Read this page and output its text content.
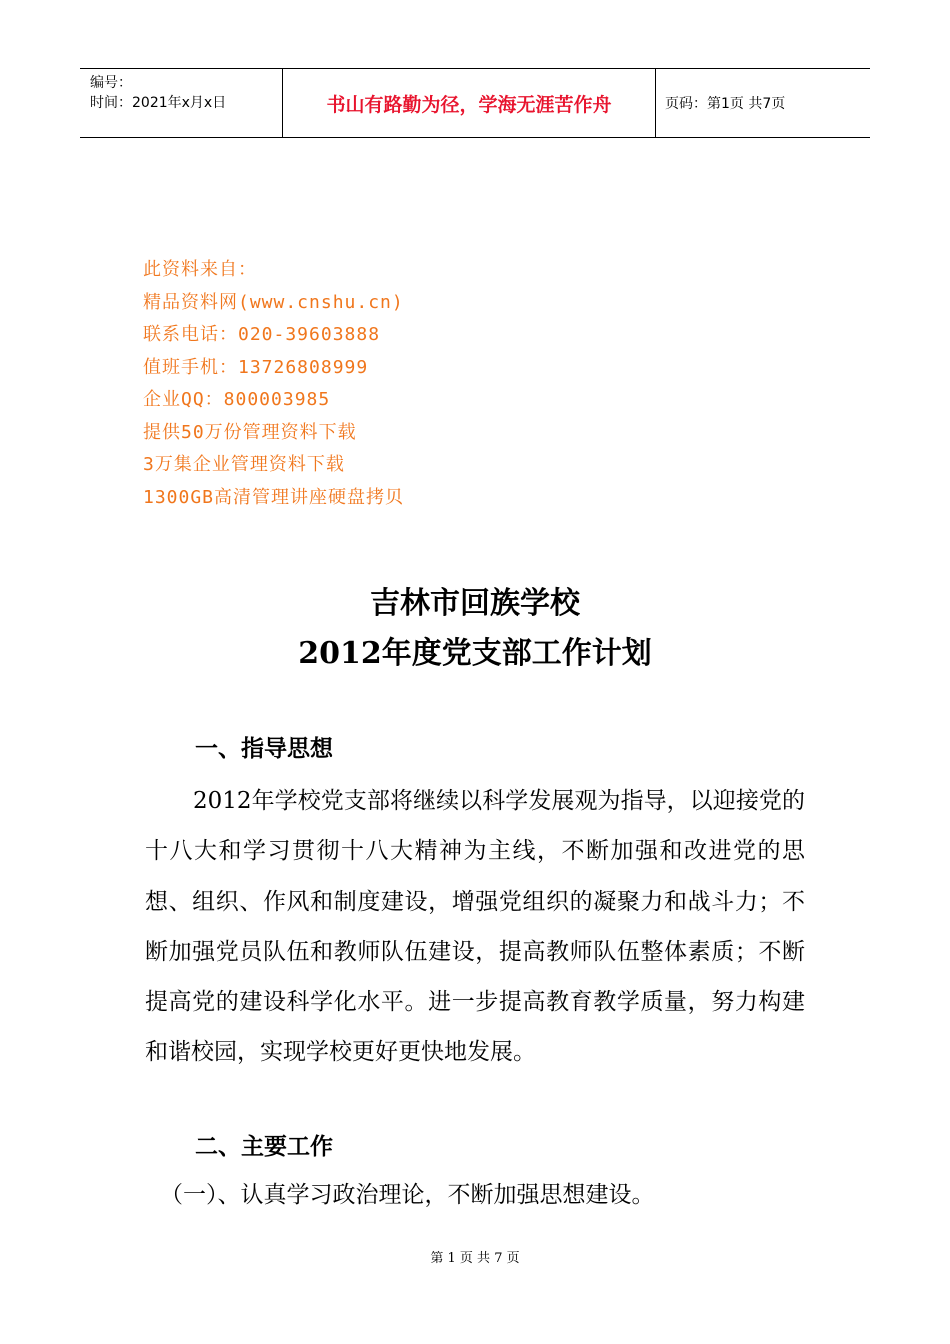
编号：
时间：2021年x月x日	书山有路勤为径，学海无涯苦作舟	页码：第1页 共7页
此资料来自：
精品资料网(www.cnshu.cn)
联系电话：020-39603888
值班手机：13726808999
企业QQ：800003985
提供50万份管理资料下载
3万集企业管理资料下载
1300GB高清管理讲座硬盘拷贝
吉林市回族学校
2012年度党支部工作计划
一、指导思想
2012年学校党支部将继续以科学发展观为指导，以迎接党的十八大和学习贯彻十八大精神为主线，不断加强和改进党的思想、组织、作风和制度建设，增强党组织的凝聚力和战斗力；不断加强党员队伍和教师队伍建设，提高教师队伍整体素质；不断提高党的建设科学化水平。进一步提高教育教学质量，努力构建和谐校园，实现学校更好更快地发展。
二、主要工作
（一）、认真学习政治理论，不断加强思想建设。
第 1 页 共 7 页
